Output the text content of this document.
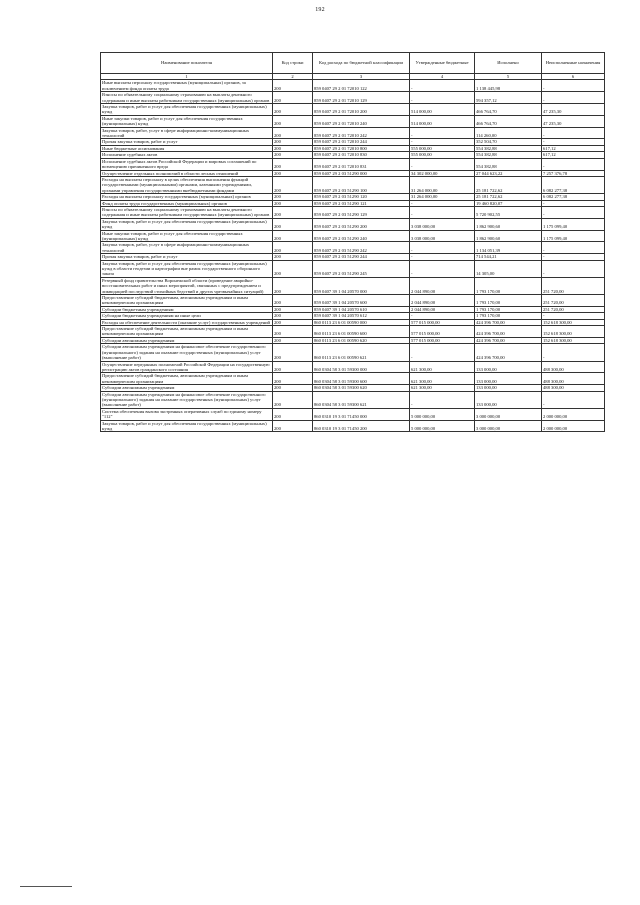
192
Наименование показателя	Код строки	Код расхода по бюджетной классификации	Утвержденные бюджетные	Исполнено	Неисполненные назначения
1	2	3	4	5	6
Иные выплаты персоналу государственных (муниципальных) органов, за исключением фонда оплаты труда	200	859 0407 29 2 01 72010 122	-	1 138 445,98	-
Взносы по обязательному социальному страхованию на выплаты денежного содержания и иные выплаты работникам государственных (муниципальных) органов	200	859 0407 29 2 01 72010 129	-	594 357,12	-
Закупка товаров, работ и услуг для обеспечения государственных (муниципальных) нужд	200	859 0407 29 2 01 72010 200	514 000,00	466 764,70	47 235,30
Иные закупки товаров, работ и услуг для обеспечения государственных (муниципальных) нужд	200	859 0407 29 2 01 72010 240	514 000,00	466 764,70	47 235,30
Закупка товаров, работ, услуг в сфере информационно-коммуникационных технологий	200	859 0407 29 2 01 72010 242	-	114 260,00	-
Прочая закупка товаров, работ и услуг	200	859 0407 29 2 01 72010 244	-	352 504,70	-
Иные бюджетные ассигнования	200	859 0407 29 2 01 72010 800	555 000,00	554 382,88	617,12
Исполнение судебных актов	200	859 0407 29 2 01 72010 830	555 000,00	554 382,88	617,12
Исполнение судебных актов Российской Федерации и мировых соглашений по возмещению причиненного вреда	200	859 0407 29 2 01 72010 831	-	554 382,88	-
Осуществление отдельных полномочий в области лесных отношений	200	859 0407 29 2 03 51290 000	34 302 000,00	27 044 623,22	7 257 376,78
Расходы на выплаты персоналу в целях обеспечения выполнения функций государственными (муниципальными) органами, казенными учреждениями, органами управления государственными внебюджетными фондами	200	859 0407 29 2 03 51290 100	31 264 000,00	25 181 722,62	6 082 277,38
Расходы на выплаты персоналу государственных (муниципальных) органов	200	859 0407 29 2 03 51290 120	31 264 000,00	25 181 722,62	6 082 277,38
Фонд оплаты труда государственных (муниципальных) органов	200	859 0407 29 2 03 51290 121	-	19 460 820,07	-
Взносы по обязательному социальному страхованию на выплаты денежного содержания и иные выплаты работникам государственных (муниципальных) органов	200	859 0407 29 2 03 51290 129	-	5 720 902,55	-
Закупка товаров, работ и услуг для обеспечения государственных (муниципальных) нужд	200	859 0407 29 2 03 51290 200	3 038 000,00	1 862 900,60	1 175 099,40
Иные закупки товаров, работ и услуг для обеспечения государственных (муниципальных) нужд	200	859 0407 29 2 03 51290 240	3 038 000,00	1 862 900,60	1 175 099,40
Закупка товаров, работ, услуг в сфере информационно-коммуникационных технологий	200	859 0407 29 2 03 51290 242	-	1 134 051,39	-
Прочая закупка товаров, работ и услуг	200	859 0407 29 2 03 51290 244	-	714 544,21	-
Закупка товаров, работ и услуг для обеспечения государственных (муниципальных) нужд в области геодезии и картографии вне рамок государственного оборонного заказа	200	859 0407 29 2 03 51290 245	-	14 305,00	-
Резервный фонд правительства Воронежской области (проведение аварийно-восстановительных работ и иных мероприятий, связанных с предупреждением и ликвидацией последствий стихийных бедствий и других чрезвычайных ситуаций)	200	859 0407 39 1 04 20570 000	2 044 890,00	1 793 170,00	251 720,00
Предоставление субсидий бюджетным, автономным учреждениям и иным некоммерческим организациям	200	859 0407 39 1 04 20570 600	2 044 890,00	1 793 170,00	251 720,00
Субсидии бюджетным учреждениям	200	859 0407 39 1 04 20570 610	2 044 890,00	1 793 170,00	251 720,00
Субсидии бюджетным учреждениям на иные цели	200	859 0407 39 1 04 20570 612	-	1 793 170,00	-
Расходы на обеспечение деятельности (оказание услуг) государственных учреждений	200	860 0113 23 6 01 00590 000	577 015 000,00	424 396 700,00	152 618 300,00
Предоставление субсидий бюджетным, автономным учреждениям и иным некоммерческим организациям	200	860 0113 23 6 01 00590 600	577 015 000,00	424 396 700,00	152 618 300,00
Субсидии автономным учреждениям	200	860 0113 23 6 01 00590 620	577 015 000,00	424 396 700,00	152 618 300,00
Субсидии автономным учреждениям на финансовое обеспечение государственного (муниципального) задания на оказание государственных (муниципальных) услуг (выполнение работ)	200	860 0113 23 6 01 00590 621	-	424 396 700,00	-
Осуществление переданных полномочий Российской Федерации на государственную регистрацию актов гражданского состояния	200	860 0304 58 3 01 59300 000	621 300,00	133 000,00	488 300,00
Предоставление субсидий бюджетным, автономным учреждениям и иным некоммерческим организациям	200	860 0304 58 3 01 59300 600	621 300,00	133 000,00	488 300,00
Субсидии автономным учреждениям	200	860 0304 58 3 01 59300 620	621 300,00	133 000,00	488 300,00
Субсидии автономным учреждениям на финансовое обеспечение государственного (муниципального) задания на оказание государственных (муниципальных) услуг (выполнение работ)	200	860 0304 58 3 01 59300 621	-	133 000,00	-
Система обеспечения вызова экстренных оперативных служб по единому номеру "112"	200	860 0310 19 3 01 71450 000	5 000 000,00	3 000 000,00	2 000 000,00
Закупка товаров, работ и услуг для обеспечения государственных (муниципальных) нужд	200	860 0310 19 3 01 71450 200	5 000 000,00	3 000 000,00	2 000 000,00
